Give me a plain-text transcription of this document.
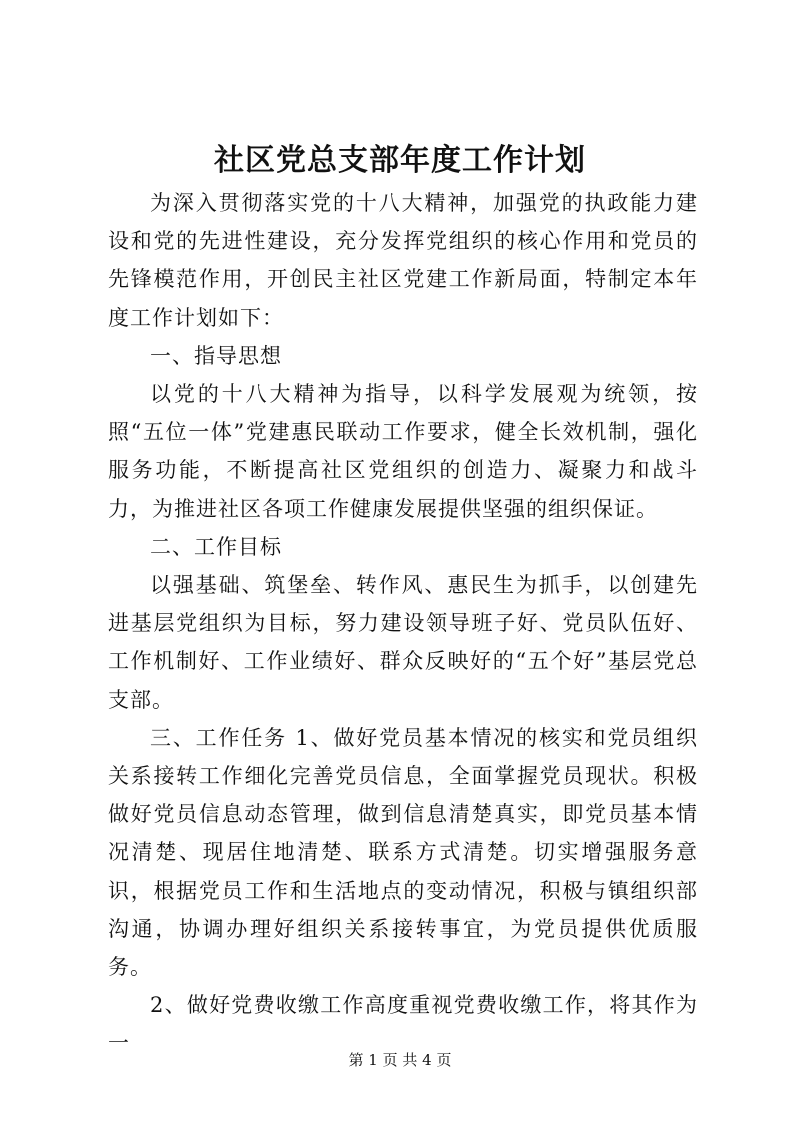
社区党总支部年度工作计划

为深入贯彻落实党的十八大精神，加强党的执政能力建设和党的先进性建设，充分发挥党组织的核心作用和党员的先锋模范作用，开创民主社区党建工作新局面，特制定本年度工作计划如下：

一、指导思想

以党的十八大精神为指导，以科学发展观为统领，按照“五位一体”党建惠民联动工作要求，健全长效机制，强化服务功能，不断提高社区党组织的创造力、凝聚力和战斗力，为推进社区各项工作健康发展提供坚强的组织保证。

二、工作目标

以强基础、筑堡垒、转作风、惠民生为抓手，以创建先进基层党组织为目标，努力建设领导班子好、党员队伍好、工作机制好、工作业绩好、群众反映好的“五个好”基层党总支部。

三、工作任务 1、做好党员基本情况的核实和党员组织关系接转工作细化完善党员信息，全面掌握党员现状。积极做好党员信息动态管理，做到信息清楚真实，即党员基本情况清楚、现居住地清楚、联系方式清楚。切实增强服务意识，根据党员工作和生活地点的变动情况，积极与镇组织部沟通，协调办理好组织关系接转事宜，为党员提供优质服务。

2、做好党费收缴工作高度重视党费收缴工作，将其作为一

第 1 页 共 4 页
